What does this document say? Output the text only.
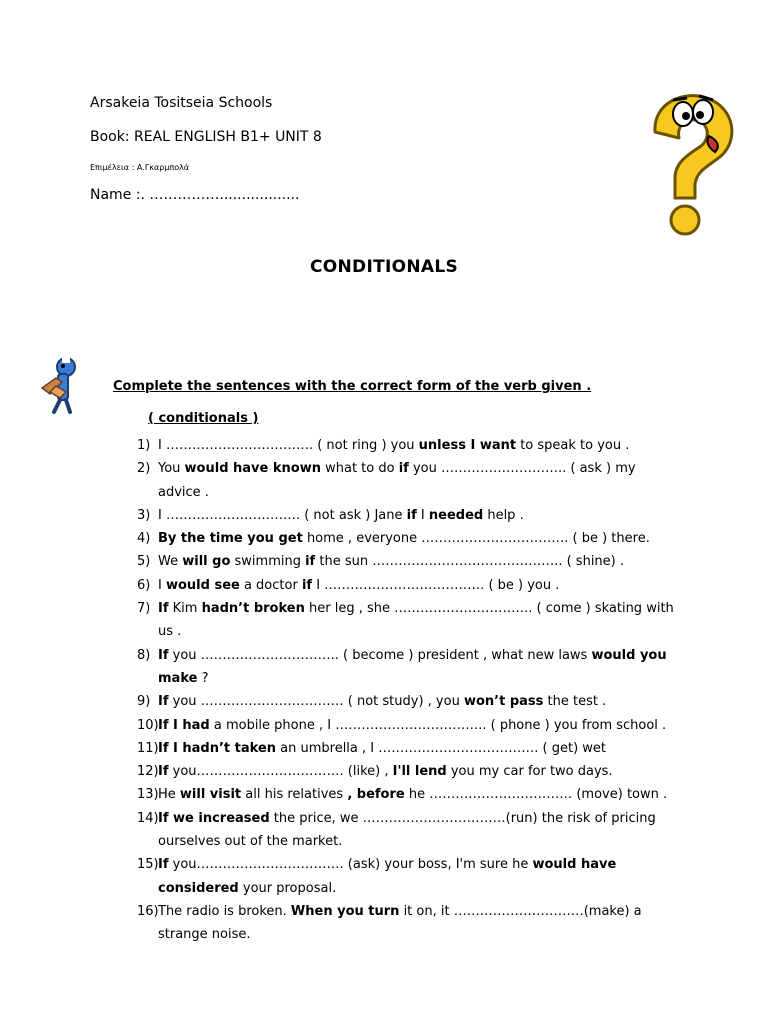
Arsakeia Tositseia Schools
Book: REAL ENGLISH B1+ UNIT 8
Επιμέλεια : Α.Γκαρμπολά
Name :. ……………..................
CONDITIONALS
Complete the sentences with the correct form of the verb given .
( conditionals )
1) I ……………………………. ( not ring ) you unless I want to speak to you .
2) You would have known what to do if you ……………………….. ( ask ) my advice .
3) I …………………………. ( not ask ) Jane if I needed help .
4) By the time you get home , everyone ……………………………. ( be ) there.
5) We will go swimming if the sun …………………………………….. ( shine) .
6) I would see a doctor if I ………………………………. ( be ) you .
7) If Kim hadn’t broken her leg , she ………………………….. ( come ) skating with us .
8) If you ………………………….. ( become ) president , what new laws would you make ?
9) If you …………………………… ( not study) , you won’t pass the test .
10) If I had a mobile phone , I …………………………….. ( phone ) you from school .
11) If I hadn’t taken an umbrella , I ………………………………. ( get) wet
12) If you……………………………. (like) , I'll lend you my car for two days.
13) He will visit all his relatives , before he …………………………… (move) town .
14) If we increased the price, we ……………………………(run) the risk of pricing ourselves out of the market.
15) If you……………………………. (ask) your boss, I'm sure he would have considered your proposal.
16) The radio is broken. When you turn it on, it …………………………(make) a strange noise.
